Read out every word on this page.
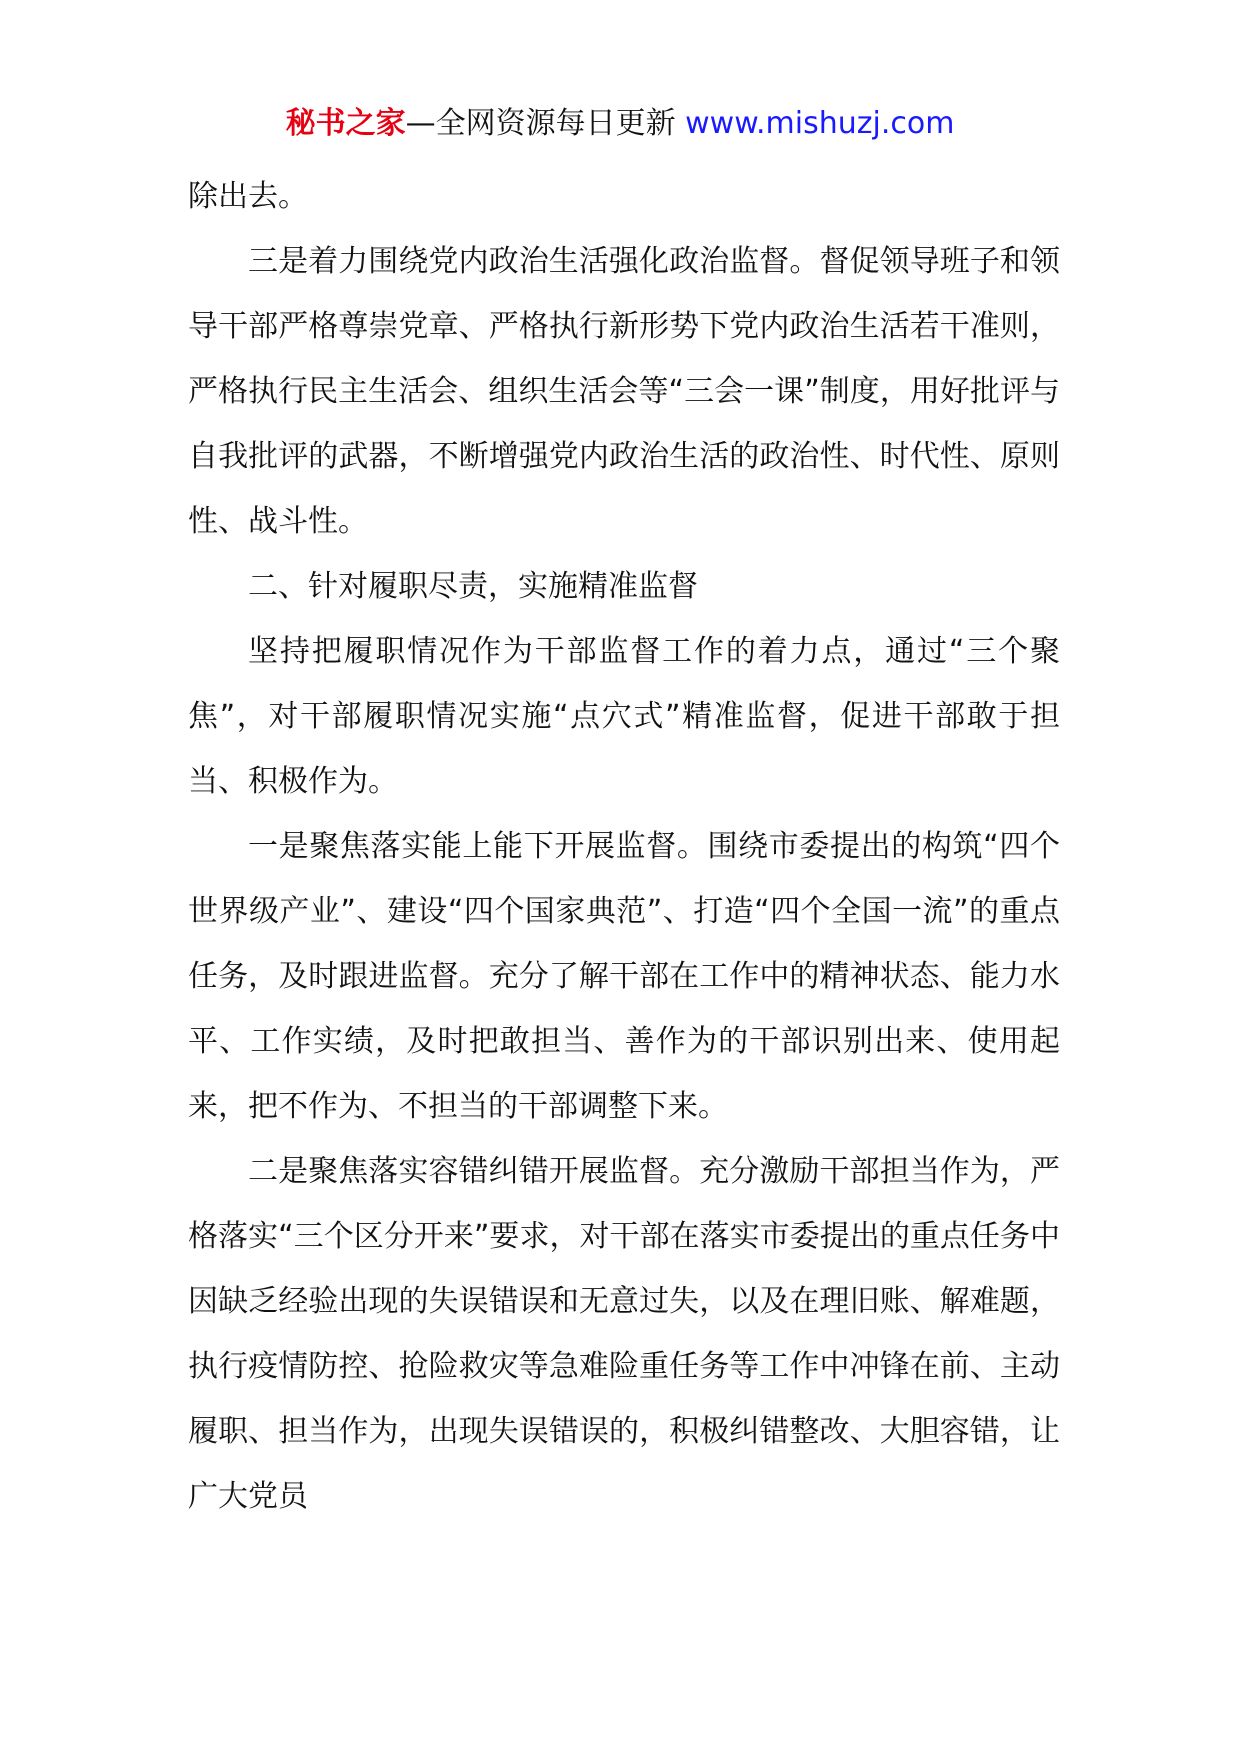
秘书之家—全网资源每日更新 www.mishuzj.com

除出去。

三是着力围绕党内政治生活强化政治监督。督促领导班子和领导干部严格尊崇党章、严格执行新形势下党内政治生活若干准则，严格执行民主生活会、组织生活会等“三会一课”制度，用好批评与自我批评的武器，不断增强党内政治生活的政治性、时代性、原则性、战斗性。

二、针对履职尽责，实施精准监督

坚持把履职情况作为干部监督工作的着力点，通过“三个聚焦”，对干部履职情况实施“点穴式”精准监督，促进干部敢于担当、积极作为。

一是聚焦落实能上能下开展监督。围绕市委提出的构筑“四个世界级产业”、建设“四个国家典范”、打造“四个全国一流”的重点任务，及时跟进监督。充分了解干部在工作中的精神状态、能力水平、工作实绩，及时把敢担当、善作为的干部识别出来、使用起来，把不作为、不担当的干部调整下来。

二是聚焦落实容错纠错开展监督。充分激励干部担当作为，严格落实“三个区分开来”要求，对干部在落实市委提出的重点任务中因缺乏经验出现的失误错误和无意过失，以及在理旧账、解难题，执行疫情防控、抢险救灾等急难险重任务等工作中冲锋在前、主动履职、担当作为，出现失误错误的，积极纠错整改、大胆容错，让广大党员
